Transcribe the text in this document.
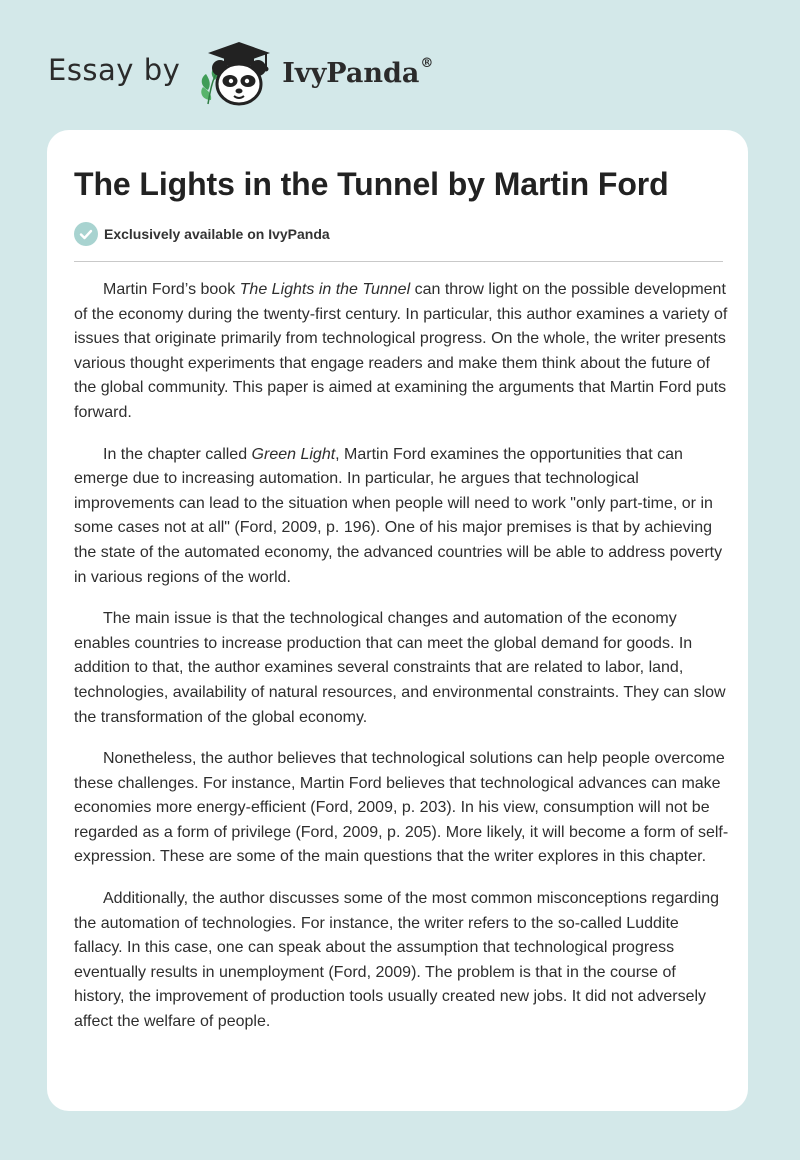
Essay by	IvyPanda®
The Lights in the Tunnel by Martin Ford
Exclusively available on IvyPanda

Martin Ford’s book The Lights in the Tunnel can throw light on the possible development of the economy during the twenty-first century. In particular, this author examines a variety of issues that originate primarily from technological progress. On the whole, the writer presents various thought experiments that engage readers and make them think about the future of the global community. This paper is aimed at examining the arguments that Martin Ford puts forward.

In the chapter called Green Light, Martin Ford examines the opportunities that can emerge due to increasing automation. In particular, he argues that technological improvements can lead to the situation when people will need to work "only part-time, or in some cases not at all" (Ford, 2009, p. 196). One of his major premises is that by achieving the state of the automated economy, the advanced countries will be able to address poverty in various regions of the world.

The main issue is that the technological changes and automation of the economy enables countries to increase production that can meet the global demand for goods. In addition to that, the author examines several constraints that are related to labor, land, technologies, availability of natural resources, and environmental constraints. They can slow the transformation of the global economy.

Nonetheless, the author believes that technological solutions can help people overcome these challenges. For instance, Martin Ford believes that technological advances can make economies more energy-efficient (Ford, 2009, p. 203). In his view, consumption will not be regarded as a form of privilege (Ford, 2009, p. 205). More likely, it will become a form of self-expression. These are some of the main questions that the writer explores in this chapter.

Additionally, the author discusses some of the most common misconceptions regarding the automation of technologies. For instance, the writer refers to the so-called Luddite fallacy. In this case, one can speak about the assumption that technological progress eventually results in unemployment (Ford, 2009). The problem is that in the course of history, the improvement of production tools usually created new jobs. It did not adversely affect the welfare of people.
